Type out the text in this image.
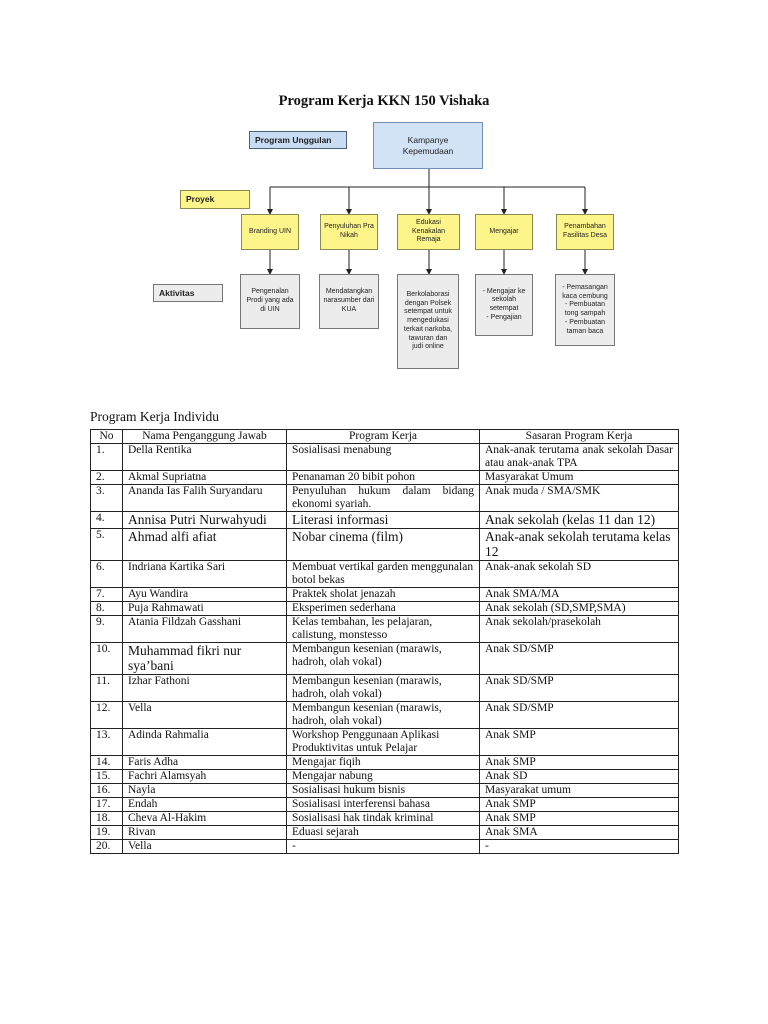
Program Kerja KKN 150 Vishaka
Program Unggulan	Kampanye
Kepemudaan
Proyek
Branding UIN
Penyuluhan Pra
Nikah
Edukasi
Kenakalan
Remaja
Mengajar
Penambahan
Fasilitas Desa
Aktivitas	Pengenalan
Prodi yang ada
di UIN
Mendatangkan
narasumber dari
KUA
Berkolaborasi
dengan Polsek
setempat untuk
mengedukasi
terkait narkoba,
tawuran dan
judi online
- Mengajar ke
sekolah
setempat
- Pengajian
- Pemasangan
kaca cembung
- Pembuatan
tong sampah
- Pembuatan
taman baca
Program Kerja Individu
No	Nama Penganggung Jawab	Program Kerja	Sasaran Program Kerja
1.	Della Rentika	Sosialisasi menabung	Anak-anak terutama anak sekolah Dasar atau anak-anak TPA
2.	Akmal Supriatna	Penanaman 20 bibit pohon	Masyarakat Umum
3.	Ananda Ias Falih Suryandaru	Penyuluhan hukum dalam bidang ekonomi syariah.	Anak muda / SMA/SMK
4.	Annisa Putri Nurwahyudi	Literasi informasi	Anak sekolah (kelas 11 dan 12)
5.	Ahmad alfi afiat	Nobar cinema (film)	Anak-anak sekolah terutama kelas 12
6.	Indriana Kartika Sari	Membuat vertikal garden menggunalan botol bekas	Anak-anak sekolah SD
7.	Ayu Wandira	Praktek sholat jenazah	Anak SMA/MA
8.	Puja Rahmawati	Eksperimen sederhana	Anak sekolah (SD,SMP,SMA)
9.	Atania Fildzah Gasshani	Kelas tembahan, les pelajaran, calistung, monstesso	Anak sekolah/prasekolah
10.	Muhammad fikri nur sya’bani	Membangun kesenian (marawis, hadroh, olah vokal)	Anak SD/SMP
11.	Izhar Fathoni	Membangun kesenian (marawis, hadroh, olah vokal)	Anak SD/SMP
12.	Vella	Membangun kesenian (marawis, hadroh, olah vokal)	Anak SD/SMP
13.	Adinda Rahmalia	Workshop Penggunaan Aplikasi Produktivitas untuk Pelajar	Anak SMP
14.	Faris Adha	Mengajar fiqih	Anak SMP
15.	Fachri Alamsyah	Mengajar nabung	Anak SD
16.	Nayla	Sosialisasi hukum bisnis	Masyarakat umum
17.	Endah	Sosialisasi interferensi bahasa	Anak SMP
18.	Cheva Al-Hakim	Sosialisasi hak tindak kriminal	Anak SMP
19.	Rivan	Eduasi sejarah	Anak SMA
20.	Vella	-	-
